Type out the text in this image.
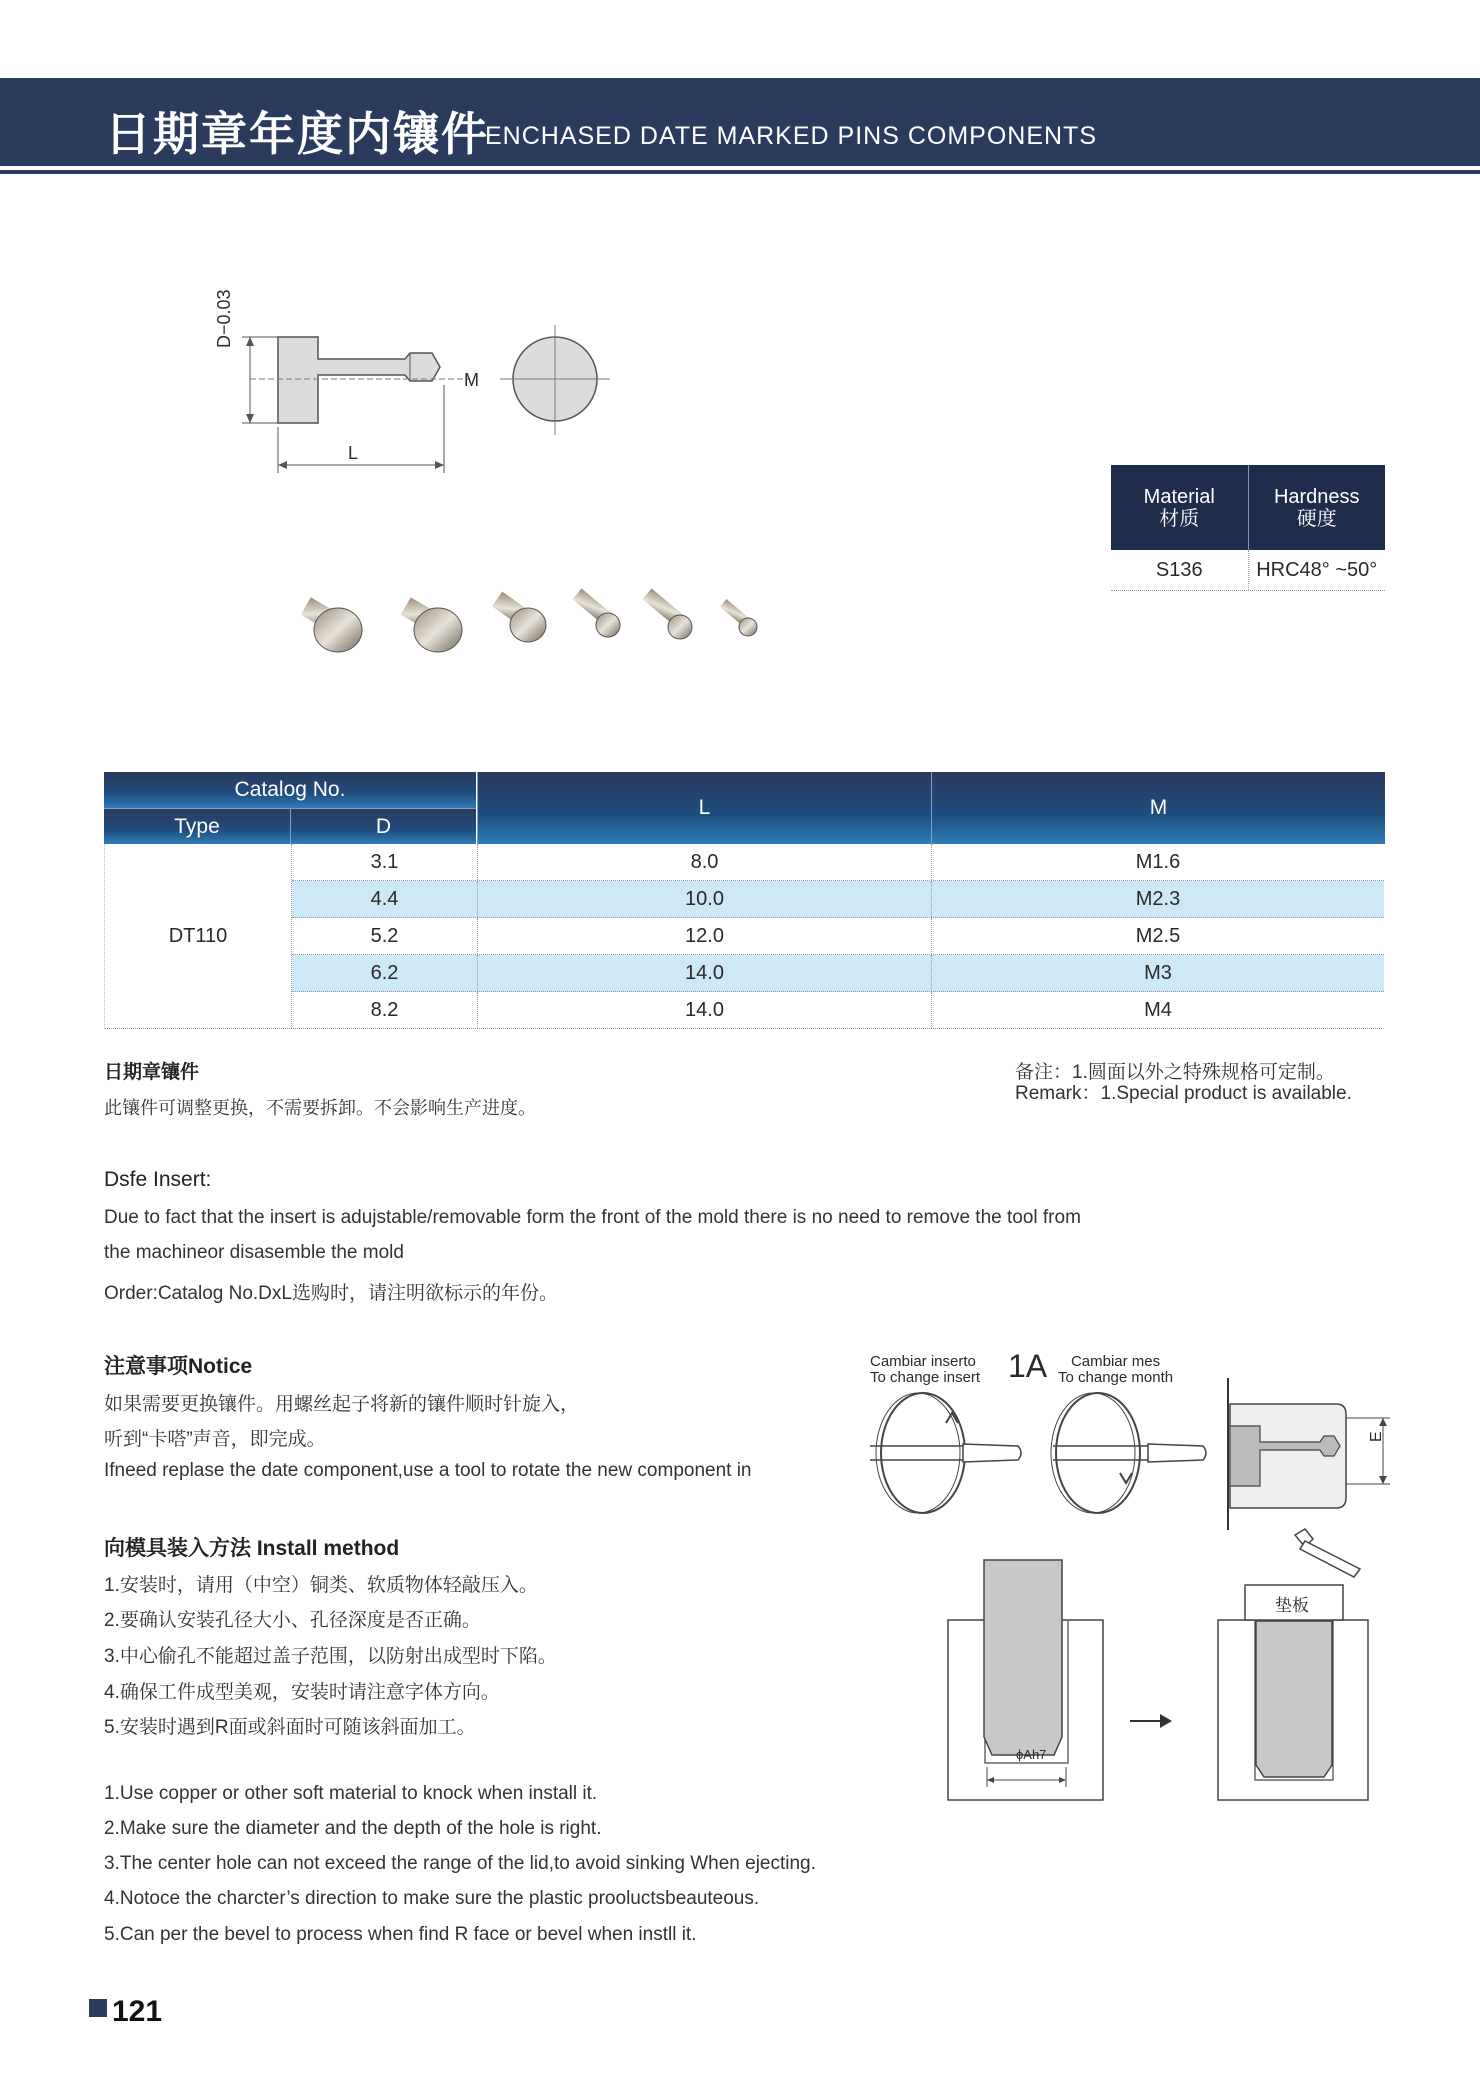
日期章年度内镶件
ENCHASED DATE MARKED PINS COMPONENTS
D−0.03
L
M
Material
材质
Hardness
硬度
S136	HRC48° ~50°
Catalog No.
Type	D
L	M
DT110
3.1	8.0	M1.6
4.4	10.0	M2.3
5.2	12.0	M2.5
6.2	14.0	M3
8.2	14.0	M4
日期章镶件
此镶件可调整更换，不需要拆卸。不会影响生产进度。
备注：1.圆面以外之特殊规格可定制。
Remark：1.Special product is available.
Dsfe Insert:
Due to fact that the insert is adujstable/removable form the front of the mold there is no need to remove the tool from
the machineor disasemble the mold
Order:Catalog No.DxL选购时，请注明欲标示的年份。
注意事项Notice
如果需要更换镶件。用螺丝起子将新的镶件顺时针旋入，
听到“卡嗒”声音，即完成。
Ifneed replase the date component,use a tool to rotate the new component in
Cambiar inserto
To change insert 1A	Cambiar mes
To change month
E
向模具装入方法 Install method
1.安装时，请用（中空）铜类、软质物体轻敲压入。
2.要确认安装孔径大小、孔径深度是否正确。
3.中心偷孔不能超过盖子范围，以防射出成型时下陷。
4.确保工件成型美观，安装时请注意字体方向。
5.安装时遇到R面或斜面时可随该斜面加工。
1.Use copper or other soft material to knock when install it.
2.Make sure the diameter and the depth of the hole is right.
3.The center hole can not exceed the range of the lid,to avoid sinking When ejecting.
4.Notoce the charcter’s direction to make sure the plastic prooluctsbeauteous.
5.Can per the bevel to process when find R face or bevel when instll it.
ϕAh7
垫板
121
